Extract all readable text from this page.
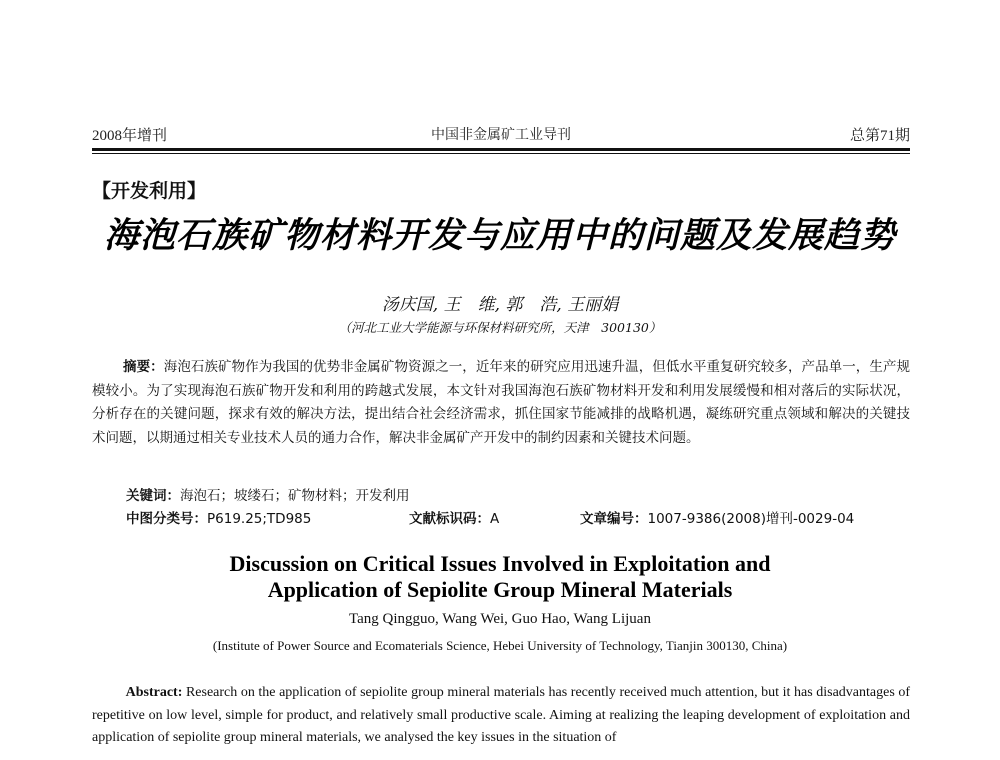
2008年增刊	中国非金属矿工业导刊	总第71期
【开发利用】
海泡石族矿物材料开发与应用中的问题及发展趋势
汤庆国, 王　维, 郭　浩, 王丽娟
（河北工业大学能源与环保材料研究所，天津　300130）
摘要：海泡石族矿物作为我国的优势非金属矿物资源之一，近年来的研究应用迅速升温，但低水平重复研究较多，产品单一，生产规模较小。为了实现海泡石族矿物开发和利用的跨越式发展，本文针对我国海泡石族矿物材料开发和利用发展缓慢和相对落后的实际状况，分析存在的关键问题，探求有效的解决方法，提出结合社会经济需求，抓住国家节能减排的战略机遇，凝练研究重点领域和解决的关键技术问题，以期通过相关专业技术人员的通力合作，解决非金属矿产开发中的制约因素和关键技术问题。
关键词：海泡石；坡缕石；矿物材料；开发利用
中图分类号：P619.25;TD985	文献标识码：A	文章编号：1007-9386(2008)增刊-0029-04
Discussion on Critical Issues Involved in Exploitation and
Application of Sepiolite Group Mineral Materials
Tang Qingguo, Wang Wei, Guo Hao, Wang Lijuan
(Institute of Power Source and Ecomaterials Science, Hebei University of Technology, Tianjin 300130, China)
Abstract: Research on the application of sepiolite group mineral materials has recently received much attention, but it has disadvantages of repetitive on low level, simple for product, and relatively small productive scale. Aiming at realizing the leaping development of exploitation and application of sepiolite group mineral materials, we analysed the key issues in the situation of
